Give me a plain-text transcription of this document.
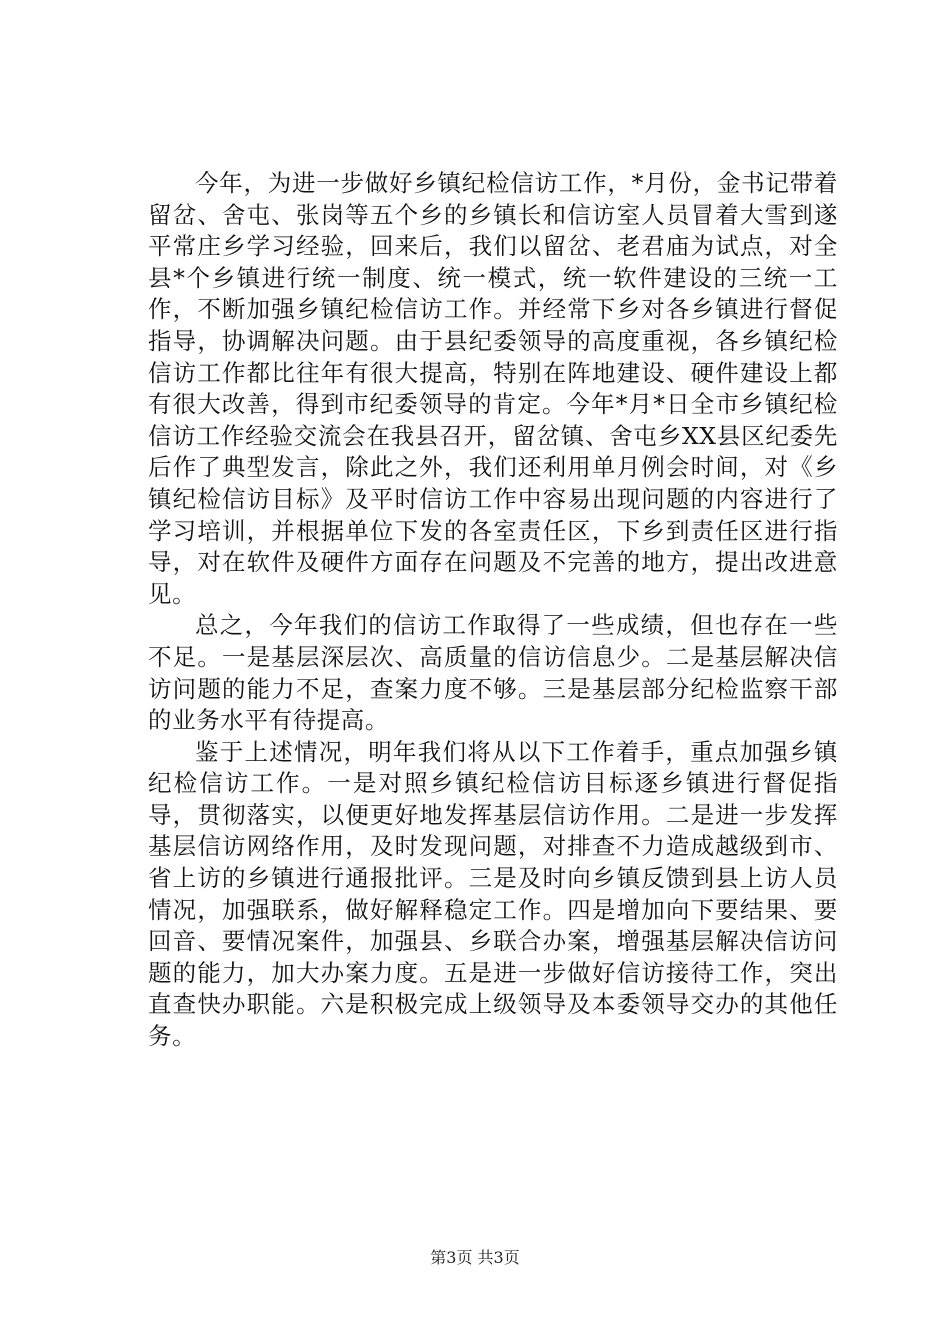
今年，为进一步做好乡镇纪检信访工作，*月份，金书记带着留岔、舍屯、张岗等五个乡的乡镇长和信访室人员冒着大雪到遂平常庄乡学习经验，回来后，我们以留岔、老君庙为试点，对全县*个乡镇进行统一制度、统一模式，统一软件建设的三统一工作，不断加强乡镇纪检信访工作。并经常下乡对各乡镇进行督促指导，协调解决问题。由于县纪委领导的高度重视，各乡镇纪检信访工作都比往年有很大提高，特别在阵地建设、硬件建设上都有很大改善，得到市纪委领导的肯定。今年*月*日全市乡镇纪检信访工作经验交流会在我县召开，留岔镇、舍屯乡XX县区纪委先后作了典型发言，除此之外，我们还利用单月例会时间，对《乡镇纪检信访目标》及平时信访工作中容易出现问题的内容进行了学习培训，并根据单位下发的各室责任区，下乡到责任区进行指导，对在软件及硬件方面存在问题及不完善的地方，提出改进意见。

总之，今年我们的信访工作取得了一些成绩，但也存在一些不足。一是基层深层次、高质量的信访信息少。二是基层解决信访问题的能力不足，查案力度不够。三是基层部分纪检监察干部的业务水平有待提高。

鉴于上述情况，明年我们将从以下工作着手，重点加强乡镇纪检信访工作。一是对照乡镇纪检信访目标逐乡镇进行督促指导，贯彻落实，以便更好地发挥基层信访作用。二是进一步发挥基层信访网络作用，及时发现问题，对排查不力造成越级到市、省上访的乡镇进行通报批评。三是及时向乡镇反馈到县上访人员情况，加强联系，做好解释稳定工作。四是增加向下要结果、要回音、要情况案件，加强县、乡联合办案，增强基层解决信访问题的能力，加大办案力度。五是进一步做好信访接待工作，突出直查快办职能。六是积极完成上级领导及本委领导交办的其他任务。

第3页 共3页
